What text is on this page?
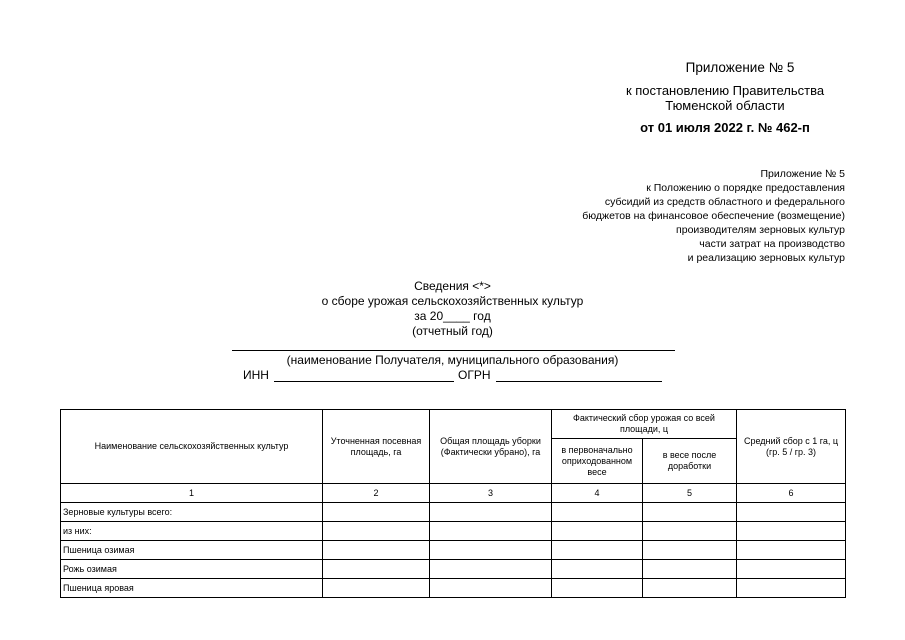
Приложение № 5
к постановлению Правительства
Тюменской области
от 01 июля 2022 г. № 462-п
Приложение № 5
к Положению о порядке предоставления
субсидий из средств областного и федерального
бюджетов на финансовое обеспечение (возмещение)
производителям зерновых культур
части затрат на производство
и реализацию зерновых культур
Сведения <*>
о сборе урожая сельскохозяйственных культур
за 20____ год
(отчетный год)
(наименование Получателя, муниципального образования)
ИНН	ОГРН
Наименование сельскохозяйственных культур	Уточненная посевная площадь, га	Общая площадь уборки (Фактически убрано), га	Фактический сбор урожая со всей площади, ц		Средний сбор с 1 га, ц (гр. 5 / гр. 3)
			в первоначально оприходованном весе	в весе после доработки	
1	2	3	4	5	6
Зерновые культуры всего:					
из них:					
Пшеница озимая					
Рожь озимая					
Пшеница яровая					
